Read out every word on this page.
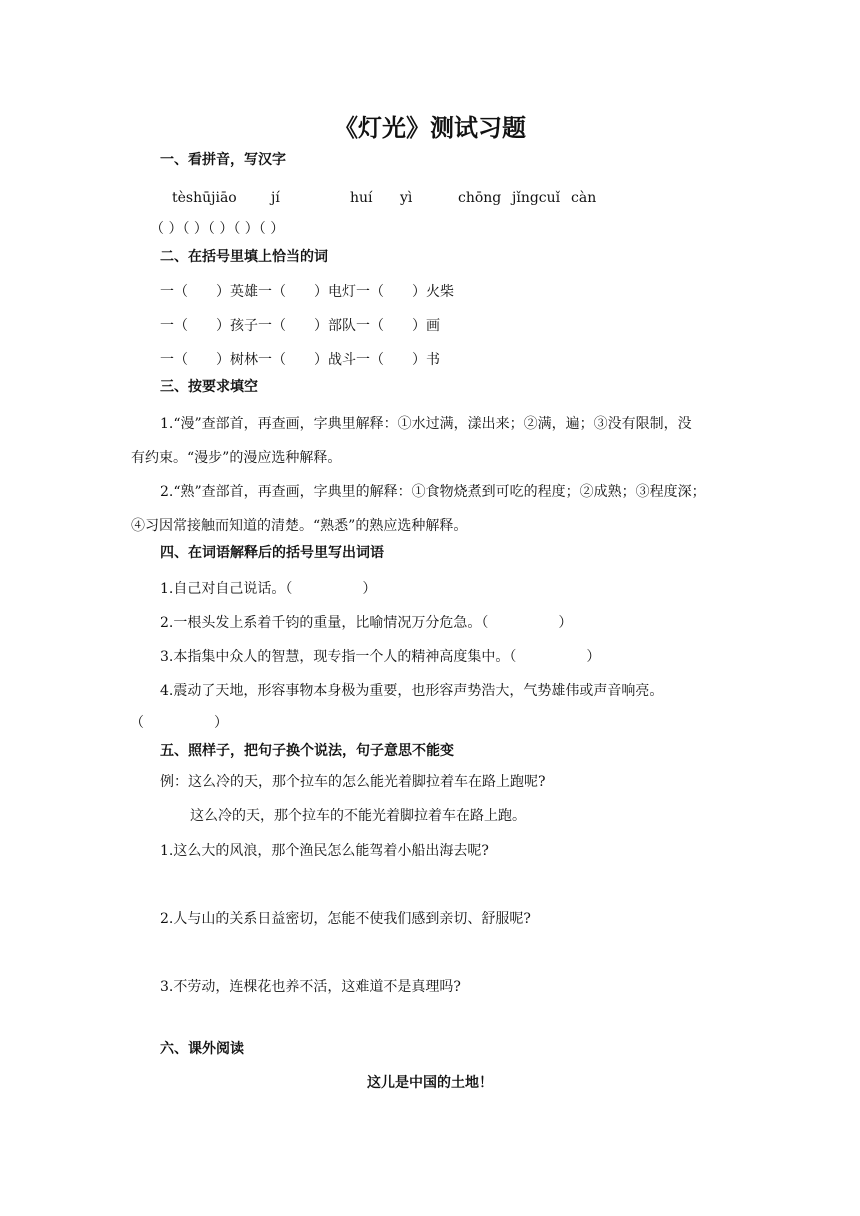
《灯光》测试习题
一、看拼音，写汉字
tèshūjiāo jí	huí yì	chōng jǐngcuǐ càn
（ ）（ ）（ ）（ ）（ ）
二、在括号里填上恰当的词
一（　　）英雄一（　　）电灯一（　　）火柴
一（　　）孩子一（　　）部队一（　　）画
一（　　）树林一（　　）战斗一（　　）书
三、按要求填空
1.“漫”查部首，再查画，字典里解释：①水过满，漾出来；②满，遍；③没有限制，没
有约束。“漫步”的漫应选种解释。
2.“熟”查部首，再查画，字典里的解释：①食物烧煮到可吃的程度；②成熟；③程度深；
④习因常接触而知道的清楚。“熟悉”的熟应选种解释。
四、在词语解释后的括号里写出词语
1.自己对自己说话。（　　　　　）
2.一根头发上系着千钧的重量，比喻情况万分危急。（　　　　　）
3.本指集中众人的智慧，现专指一个人的精神高度集中。（　　　　　）
4.震动了天地，形容事物本身极为重要，也形容声势浩大，气势雄伟或声音响亮。
（　　　　　）
五、照样子，把句子换个说法，句子意思不能变
例：这么冷的天，那个拉车的怎么能光着脚拉着车在路上跑呢?
这么冷的天，那个拉车的不能光着脚拉着车在路上跑。
1.这么大的风浪，那个渔民怎么能驾着小船出海去呢?
2.人与山的关系日益密切，怎能不使我们感到亲切、舒服呢?
3.不劳动，连棵花也养不活，这难道不是真理吗?
六、课外阅读
这儿是中国的土地！
